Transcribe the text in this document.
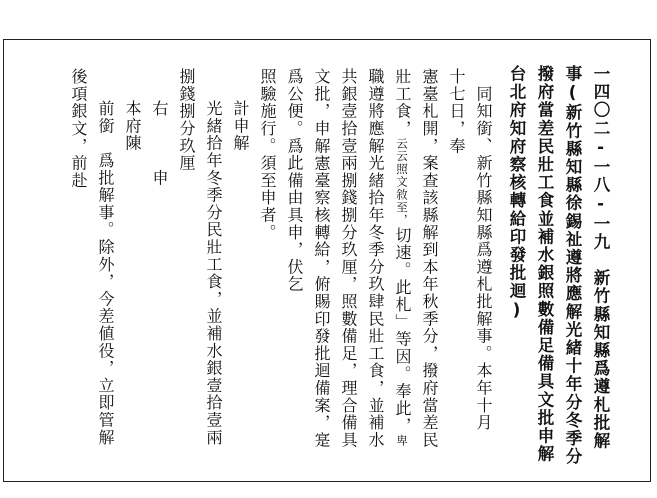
一四〇二-一八-一九　新竹縣知縣爲遵札批解
事(新竹縣知縣徐錫祉遵將應解光緒十年分冬季分
撥府當差民壯工食並補水銀照數備足備具文批申解
台北府知府察核轉給印發批迴)
　同知銜、新竹縣知縣爲遵札批解事。本年十月
十七日，奉
憲臺札開，案查該縣解到本年秋季分，撥府當差民
壯工食，云云照文敘至，切速。此札」等因。奉此，卑
職遵將應解光緒拾年冬季分玖肆民壯工食，並補水
共銀壹拾壹兩捌錢捌分玖厘，照數備足，理合備具
文批，申解憲臺察核轉給，俯賜印發批迴備案，寔
爲公便。爲此備由具申，伏乞
照驗施行。須至申者。
計申解
光緒拾年冬季分民壯工食，並補水銀壹拾壹兩
捌錢捌分玖厘
右　　　申
本府陳
前銜　爲批解事。除外，今差値役，立即管解
後項銀文，前赴
